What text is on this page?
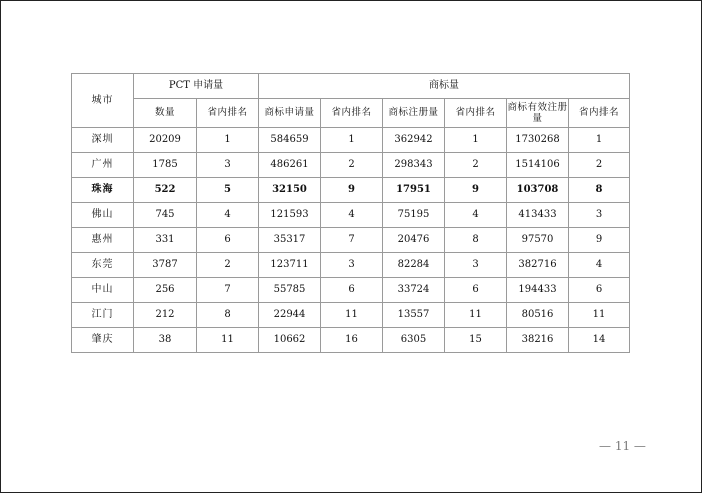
城市	PCT 申请量		商标量					
	数量	省内排名	商标申请量	省内排名	商标注册量	省内排名	商标有效注册量	省内排名
深圳	20209	1	584659	1	362942	1	1730268	1
广州	1785	3	486261	2	298343	2	1514106	2
珠海	522	5	32150	9	17951	9	103708	8
佛山	745	4	121593	4	75195	4	413433	3
惠州	331	6	35317	7	20476	8	97570	9
东莞	3787	2	123711	3	82284	3	382716	4
中山	256	7	55785	6	33724	6	194433	6
江门	212	8	22944	11	13557	11	80516	11
肇庆	38	11	10662	16	6305	15	38216	14
— 11 —
